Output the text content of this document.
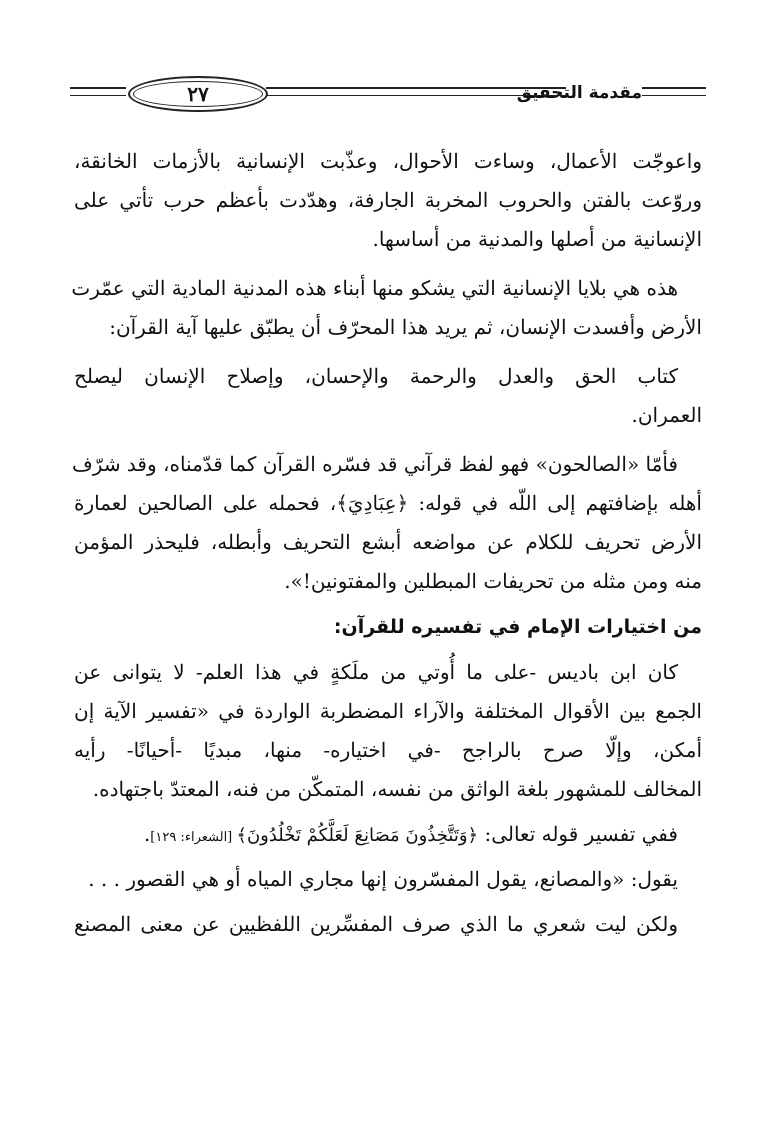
مقدمة التحقيق
٢٧
واعوجّت الأعمال، وساءت الأحوال، وعذّبت الإنسانية بالأزمات الخانقة،
وروّعت بالفتن والحروب المخربة الجارفة، وهدّدت بأعظم حرب تأتي على
الإنسانية من أصلها والمدنية من أساسها.
هذه هي بلايا الإنسانية التي يشكو منها أبناء هذه المدنية المادية التي عمّرت
الأرض وأفسدت الإنسان، ثم يريد هذا المحرّف أن يطبّق عليها آية القرآن:
كتاب الحق والعدل والرحمة والإحسان، وإصلاح الإنسان ليصلح
العمران.
فأمّا «الصالحون» فهو لفظ قرآني قد فسّره القرآن كما قدّمناه، وقد شرّف
أهله بإضافتهم إلى اللّه في قوله: ﴿عِبَادِيَ﴾، فحمله على الصالحين لعمارة
الأرض تحريف للكلام عن مواضعه أبشع التحريف وأبطله، فليحذر المؤمن
منه ومن مثله من تحريفات المبطلين والمفتونين!».
من اختيارات الإمام في تفسيره للقرآن:
كان ابن باديس -على ما أُوتي من ملَكةٍ في هذا العلم- لا يتوانى عن
الجمع بين الأقوال المختلفة والآراء المضطربة الواردة في «تفسير الآية إن
أمكن، وإلّا صرح بالراجح -في اختياره- منها، مبديًا -أحيانًا- رأيه
المخالف للمشهور بلغة الواثق من نفسه، المتمكّن من فنه، المعتدّ باجتهاده.
ففي تفسير قوله تعالى: ﴿وَتَتَّخِذُونَ مَصَانِعَ لَعَلَّكُمْ تَخْلُدُونَ﴾ [الشعراء: ١٢٩].
يقول: «والمصانع، يقول المفسّرون إنها مجاري المياه أو هي القصور . . .
ولكن ليت شعري ما الذي صرف المفسِّرين اللفظيين عن معنى المصنع
